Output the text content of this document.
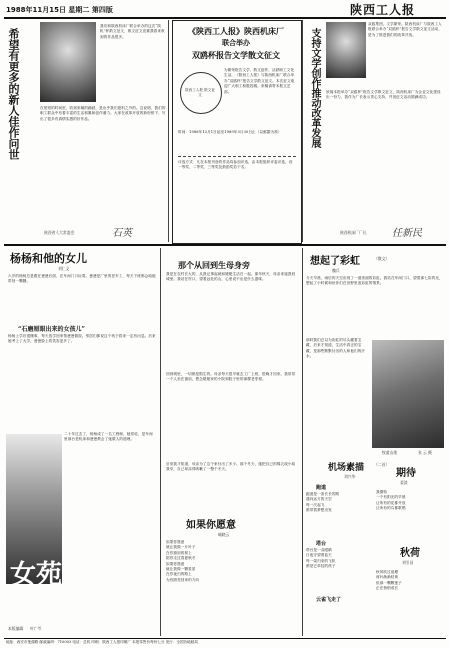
1988年11月15日 星期二 第四版	陕西工人报
希望有更多的新人佳作问世
我们和陕西机床厂联合举办的这次“陕机”杯散文征文，散文征文竞赛我看来收到的作品很多。
在短短的时间里，收到来稿的踊跃，是出乎我们意料之外的。这说明，我们的职工群众中有着丰富的生活积累和创作潜力。大家在改革开放的新形势下，写出了很多有真情实感的好作品。
陕西省人大常委会	石英
《陕西工人报》陕西机床厂
联合举办
双鸥杯报告文学散文征文
陕西工人报 散文征文
为繁荣报告文学、散文创作，活跃职工文化生活，《陕西工人报》与陕西机床厂联合举办“双鸥杯”报告文学散文征文。本次征文欢迎广大职工积极投稿，来稿请寄本报文艺部。
时间：1988年12月1日起至1989年3月30日止（以邮戳为准）
评选方式：凡在本报刊登的作品均参加评选，由本报组织评委评选，设一等奖、二等奖、三等奖及鼓励奖若干名。
支持文学创作推动改革发展
双鸥集团，文学繁荣。陕西机床厂与陕西工人报联合举办“双鸥杯”报告文学散文征文活动，是为了推进我们的改革开放。
欣闻本报举办“双鸥杯”报告文学散文征文，陕西机床厂为企业文化建设出一份力，我作为厂长表示衷心支持，并祝征文活动圆满成功。
陕西机床厂厂长	任新民
杨杨和他的女儿
刘仁义
六岁的杨杨总是跟在爸爸后面，在车间门口玩耍。爸爸是厂里的老车工，每天下班都会给她带回一颗糖。
“石磨厘眼出来的女孩儿”
杨杨上学后很懂事，每天放学回家帮爸爸做饭。邻居们都说这个孩子将来一定有出息。后来她考上了大学，爸爸脸上的笑容更多了。
二十年过去了，杨杨成了一名工程师，她常说，是车间里那台老机床和爸爸教会了她做人的道理。
女苑
本版编辑 叶广芩
那个从回到生母身旁
我是在农村长大的，从我记事起就和姥姥生活在一起。那年秋天，母亲来接我回城里。我站在村口，望着远处的山，心里说不出是什么滋味。
回到城里，一切都是陌生的。母亲每天很早就去工厂上班，很晚才回来。我常常一个人坐在窗前，想念姥姥家的小院和院子里的那棵老枣树。
后来我才知道，母亲为了这个家付出了多少。那个冬天，她把自己的棉衣改小给我穿，自己却冻得咳嗽了一整个冬天。
如果你愿意
喻晓云
如果你愿意
就让我做一片叶子
在你窗前的树上
陪你走过春夏秋冬
如果你愿意
就让我做一颗星星
在你夜归的路上
为你照亮回家的方向
想起了彩虹	（散文）
魏兵
今天早晨，雨后的天空出现了一道美丽的彩虹。我站在车间门口，望着那七彩的光，想起了小时候和伙伴们在田野里追彩虹的情景。
那时我们总以为彩虹的尽头藏着宝藏，后来才知道，生活中真正的宝藏，是那些默默付出的人和他们的汗水。
牧童山歌	张 云 摄
机场素描	（二首）
刘兴华
跑道
跑道是一条长长的路
通向远方的天空
每一次起飞
都带着梦想出发
塔台
塔台是一双眼睛
日夜守望着蓝天
每一架归来的飞机
都是它牵挂的孩子
云雀飞走了
期待
姜淡
我期待
一个有阳光的早晨
让所有的花都开放
让所有的鸟都歌唱
秋荷
刘引昌
秋风吹过池塘
荷叶渐渐枯黄
但那一颗颗莲子
正在悄悄成长
地址：西安市莲湖路 邮政编码：710003 电话：总机 印刷：陕西工人报印刷厂 本报零售价每份七分 发行：全国各地邮局
